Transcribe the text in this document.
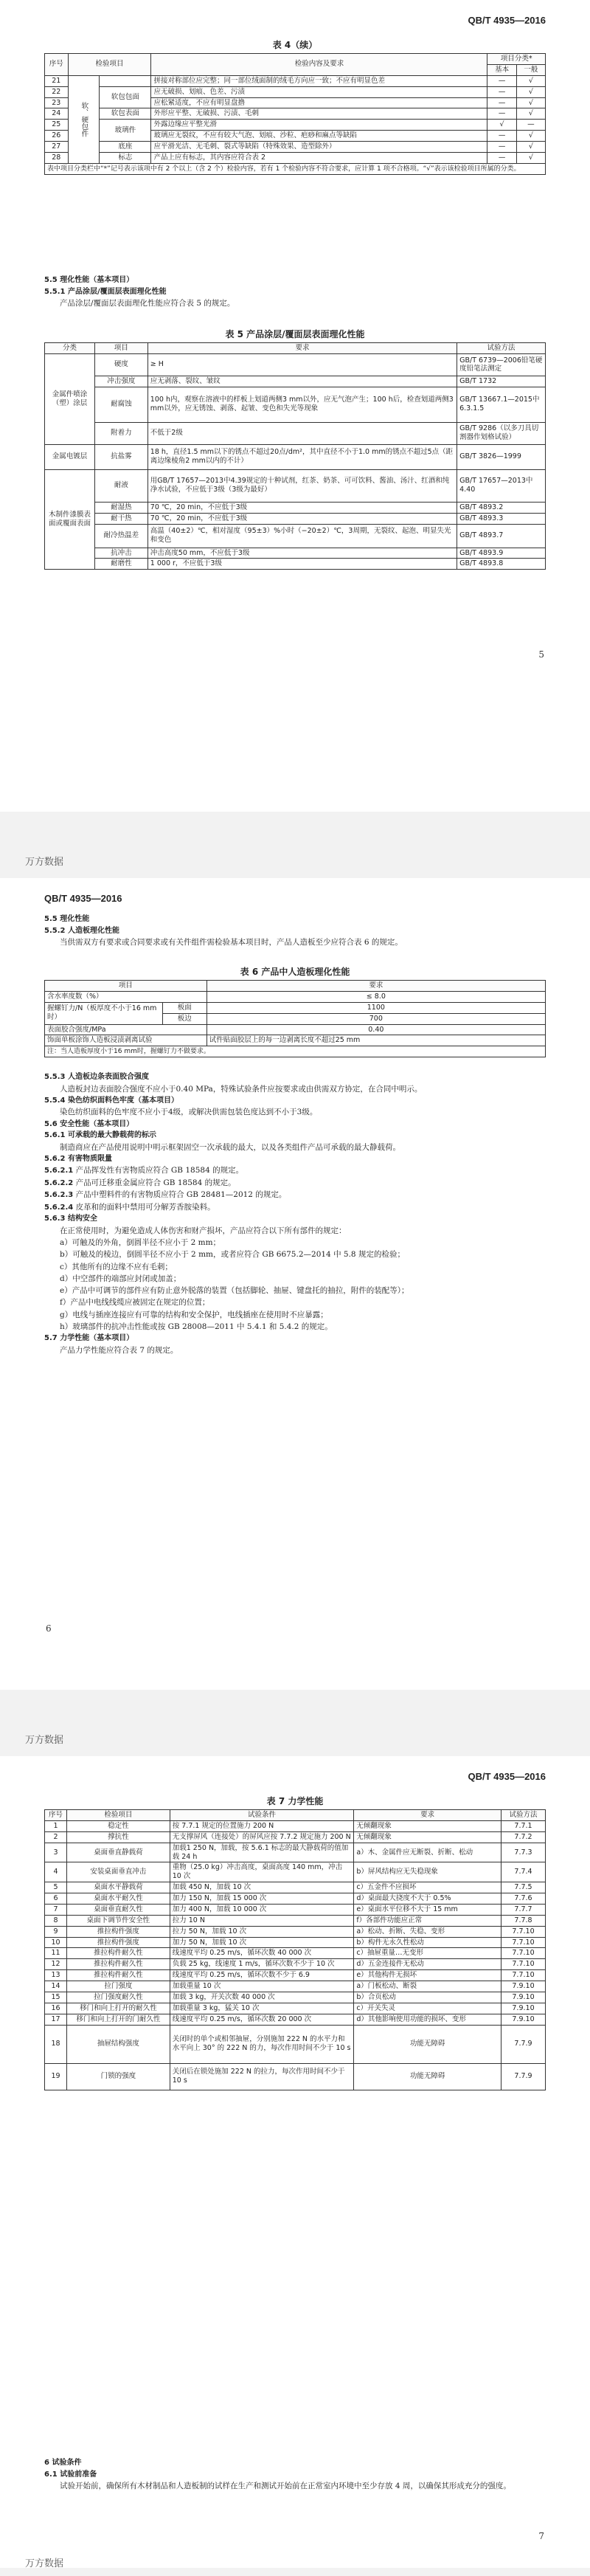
QB/T 4935—2016
表 4（续）
序号	检验项目		检验内容及要求	项目分类*	
				基本	一般
21	软、硬包件		拼接对称部位应完整；同一部位绒面制的绒毛方向应一致；不应有明显色差	—	√
22		软包包面	应无破损、划痕、色差、污渍	—	√
23			应松紧适度，不应有明显盘撸	—	√
24		软包表面	外形应平整、无破损、污渍、毛刺	—	√
25		玻璃件	外露边缘应平整光滑	√	—
26			玻璃应无裂纹，不应有较大气泡、划痕、沙粒、疤痧和麻点等缺陷	—	√
27		底座	应平滑光洁、无毛刺、裂式等缺陷（特殊效果、造型除外）	—	√
28		标志	产品上应有标志，其内容应符合表 2	—	√
表中项目分类栏中“*”记号表示该项中有 2 个以上（含 2 个）检验内容，若有 1 个检验内容不符合要求，应计算 1 项不合格项。“√”表示该检验项目所属的分类。					

5.5 理化性能（基本项目）

5.5.1 产品涂层/覆面层表面理化性能

产品涂层/覆面层表面理化性能应符合表 5 的规定。

表 5 产品涂层/覆面层表面理化性能
分类	项目	要求	试验方法
金属件喷涂（塑）涂层	硬度	≥ H	GB/T 6739—2006铅笔硬度铅笔法测定
	冲击强度	应无剥落、裂纹、皱纹	GB/T 1732
	耐腐蚀	100 h内，观察在溶液中的样板上划道两侧3 mm以外，应无气泡产生；100 h后，检查划道两侧3 mm以外，应无锈蚀、剥落、起皱、变色和失光等现象	GB/T 13667.1—2015中6.3.1.5
	附着力	不低于2级	GB/T 9286（以多刀具切割器作划格试验）
金属电镀层	抗盐雾	18 h，直径1.5 mm以下的锈点不超过20点/dm²，其中直径不小于1.0 mm的锈点不超过5点（距离边缘棱角2 mm以内的不计）	GB/T 3826—1999
木制件漆膜表面或覆面表面	耐液	用GB/T 17657—2013中4.39规定的十种试剂，红茶、奶茶、可可饮料、酱油、汤汁、红酒和纯净水试验，不应低于3级（3级为最好）	GB/T 17657—2013中4.40
	耐湿热	70 ℃，20 min，不应低于3级	GB/T 4893.2
	耐干热	70 ℃，20 min，不应低于3级	GB/T 4893.3
	耐冷热温差	高温（40±2）℃，相对湿度（95±3）%小时（−20±2）℃，3周期，无裂纹、起泡、明显失光和变色	GB/T 4893.7
	抗冲击	冲击高度50 mm，不应低于3级	GB/T 4893.9
	耐磨性	1 000 r，不应低于3级	GB/T 4893.8
5
万方数据
QB/T 4935—2016

5.5 理化性能

5.5.2 人造板理化性能

当供需双方有要求或合同要求或有关件组件需检验基本项目时，产品人造板至少应符合表 6 的规定。

表 6 产品中人造板理化性能
项目		要求
含水率度数（%）		≤ 8.0
握螺钉力/N（板厚度不小于16 mm时）	板面	1100
	板边	700
表面胶合强度/MPa		0.40
饰面单板涂饰人造板浸渍剥离试验		试件贴面胶层上的每一边剥离长度不超过25 mm
注：当人造板厚度小于16 mm时，握螺钉力不做要求。		

5.5.3 人造板边条表面胶合强度

人造板封边表面胶合强度不应小于0.40 MPa，特殊试验条件应按要求或由供需双方协定，在合同中明示。

5.5.4 染色纺织面料色牢度（基本项目）

染色纺织面料的色牢度不应小于4级，或解决供需包装色度达到不小于3级。

5.6 安全性能（基本项目）

5.6.1 可承载的最大静载荷的标示

制造商应在产品使用说明中明示框架固空一次承载的最大，以及各类组件产品可承载的最大静载荷。

5.6.2 有害物质限量

5.6.2.1 产品挥发性有害物质应符合 GB 18584 的规定。

5.6.2.2 产品可迁移重金属应符合 GB 18584 的规定。

5.6.2.3 产品中塑料件的有害物质应符合 GB 28481—2012 的规定。

5.6.2.4 皮革和的面料中禁用可分解芳香胺染料。

5.6.3 结构安全

在正常使用时，为避免造成人体伤害和财产损坏，产品应符合以下所有部件的规定：

a）可触及的外角，倒圆半径不应小于 2 mm；

b）可触及的棱边，倒圆半径不应小于 2 mm，或者应符合 GB 6675.2—2014 中 5.8 规定的检验；

c）其他所有的边缘不应有毛刺；

d）中空部件的端部应封闭或加盖；

e）产品中可调节的部件应有防止意外脱落的装置（包括脚轮、抽屉、键盘托的抽拉，附件的装配等）；

f）产品中电线线缆应被固定在规定的位置；

g）电线与插座连接应有可靠的结构和安全保护，电线插座在使用时不应暴露；

h）玻璃部件的抗冲击性能或按 GB 28008—2011 中 5.4.1 和 5.4.2 的规定。

5.7 力学性能（基本项目）

产品力学性能应符合表 7 的规定。

6
万方数据
QB/T 4935—2016
表 7 力学性能
序号	检验项目	试验条件	要求	试验方法
1	稳定性	按 7.7.1 规定的位置施力 200 N	无倾翻现象	7.7.1
2	撑抗性	无支撑屏风（连接处）的屏风应按 7.7.2 规定施力 200 N	无倾翻现象	7.7.2
3	桌面垂直静载荷	加载1 250 N，加载，按 5.6.1 标志的最大静载荷的值加载 24 h	a）木、金属件应无断裂、折断、松动	7.7.3
4	安装桌面垂直冲击	重物（25.0 kg）冲击高度，桌面高度 140 mm，冲击 10 次	b）屏风结构应无失稳现象	7.7.4
5	桌面水平静载荷	加载 450 N，加载 10 次	c）五金件不应损坏	7.7.5
6	桌面水平耐久性	加力 150 N，加载 15 000 次	d）桌面最大挠度不大于 0.5%	7.7.6
7	桌面垂直耐久性	加力 400 N，加载 10 000 次	e）桌面水平位移不大于 15 mm	7.7.7
8	桌面下调节件安全性	拉力 10 N	f）各部件功能应正常	7.7.8
9	推拉构件强度	拉力 50 N，加载 10 次	a）松动、折断、失稳、变形	7.7.10
10	推拉构件强度	加力 50 N，加载 10 次	b）构件无永久性松动	7.7.10
11	推拉构件耐久性	线速度平均 0.25 m/s，循环次数 40 000 次	c）抽屉重量…无变形	7.7.10
12	推拉构件耐久性	负载 25 kg，线速度 1 m/s，循环次数不少于 10 次	d）五金连接件无松动	7.7.10
13	推拉构件耐久性	线速度平均 0.25 m/s，循环次数不少于 6.9	e）其他构件无损坏	7.7.10
14	拉门强度	加载重量 10 次	a）门板松动、断裂	7.9.10
15	拉门强度耐久性	加载 3 kg，开关次数 40 000 次	b）合页松动	7.9.10
16	移门和向上打开的耐久性	加载重量 3 kg，猛关 10 次	c）开关失灵	7.9.10
17	移门和向上打开的门耐久性	线速度平均 0.25 m/s，循环次数 20 000 次	d）其他影响使用功能的损坏、变形	7.9.10
18	抽屉结构强度	关闭时的单个或相邻抽屉，分别施加 222 N 的水平力和水平向上 30° 的 222 N 的力，每次作用时间不少于 10 s	功能无障碍	7.7.9
19	门锁的强度	关闭后在锁处施加 222 N 的拉力，每次作用时间不少于 10 s	功能无障碍	7.7.9

6 试验条件

6.1 试验前准备

试验开始前，确保所有木材制品和人造板制的试样在生产和测试开始前在正常室内环境中至少存放 4 周，以确保其形成充分的强度。

7
万方数据
